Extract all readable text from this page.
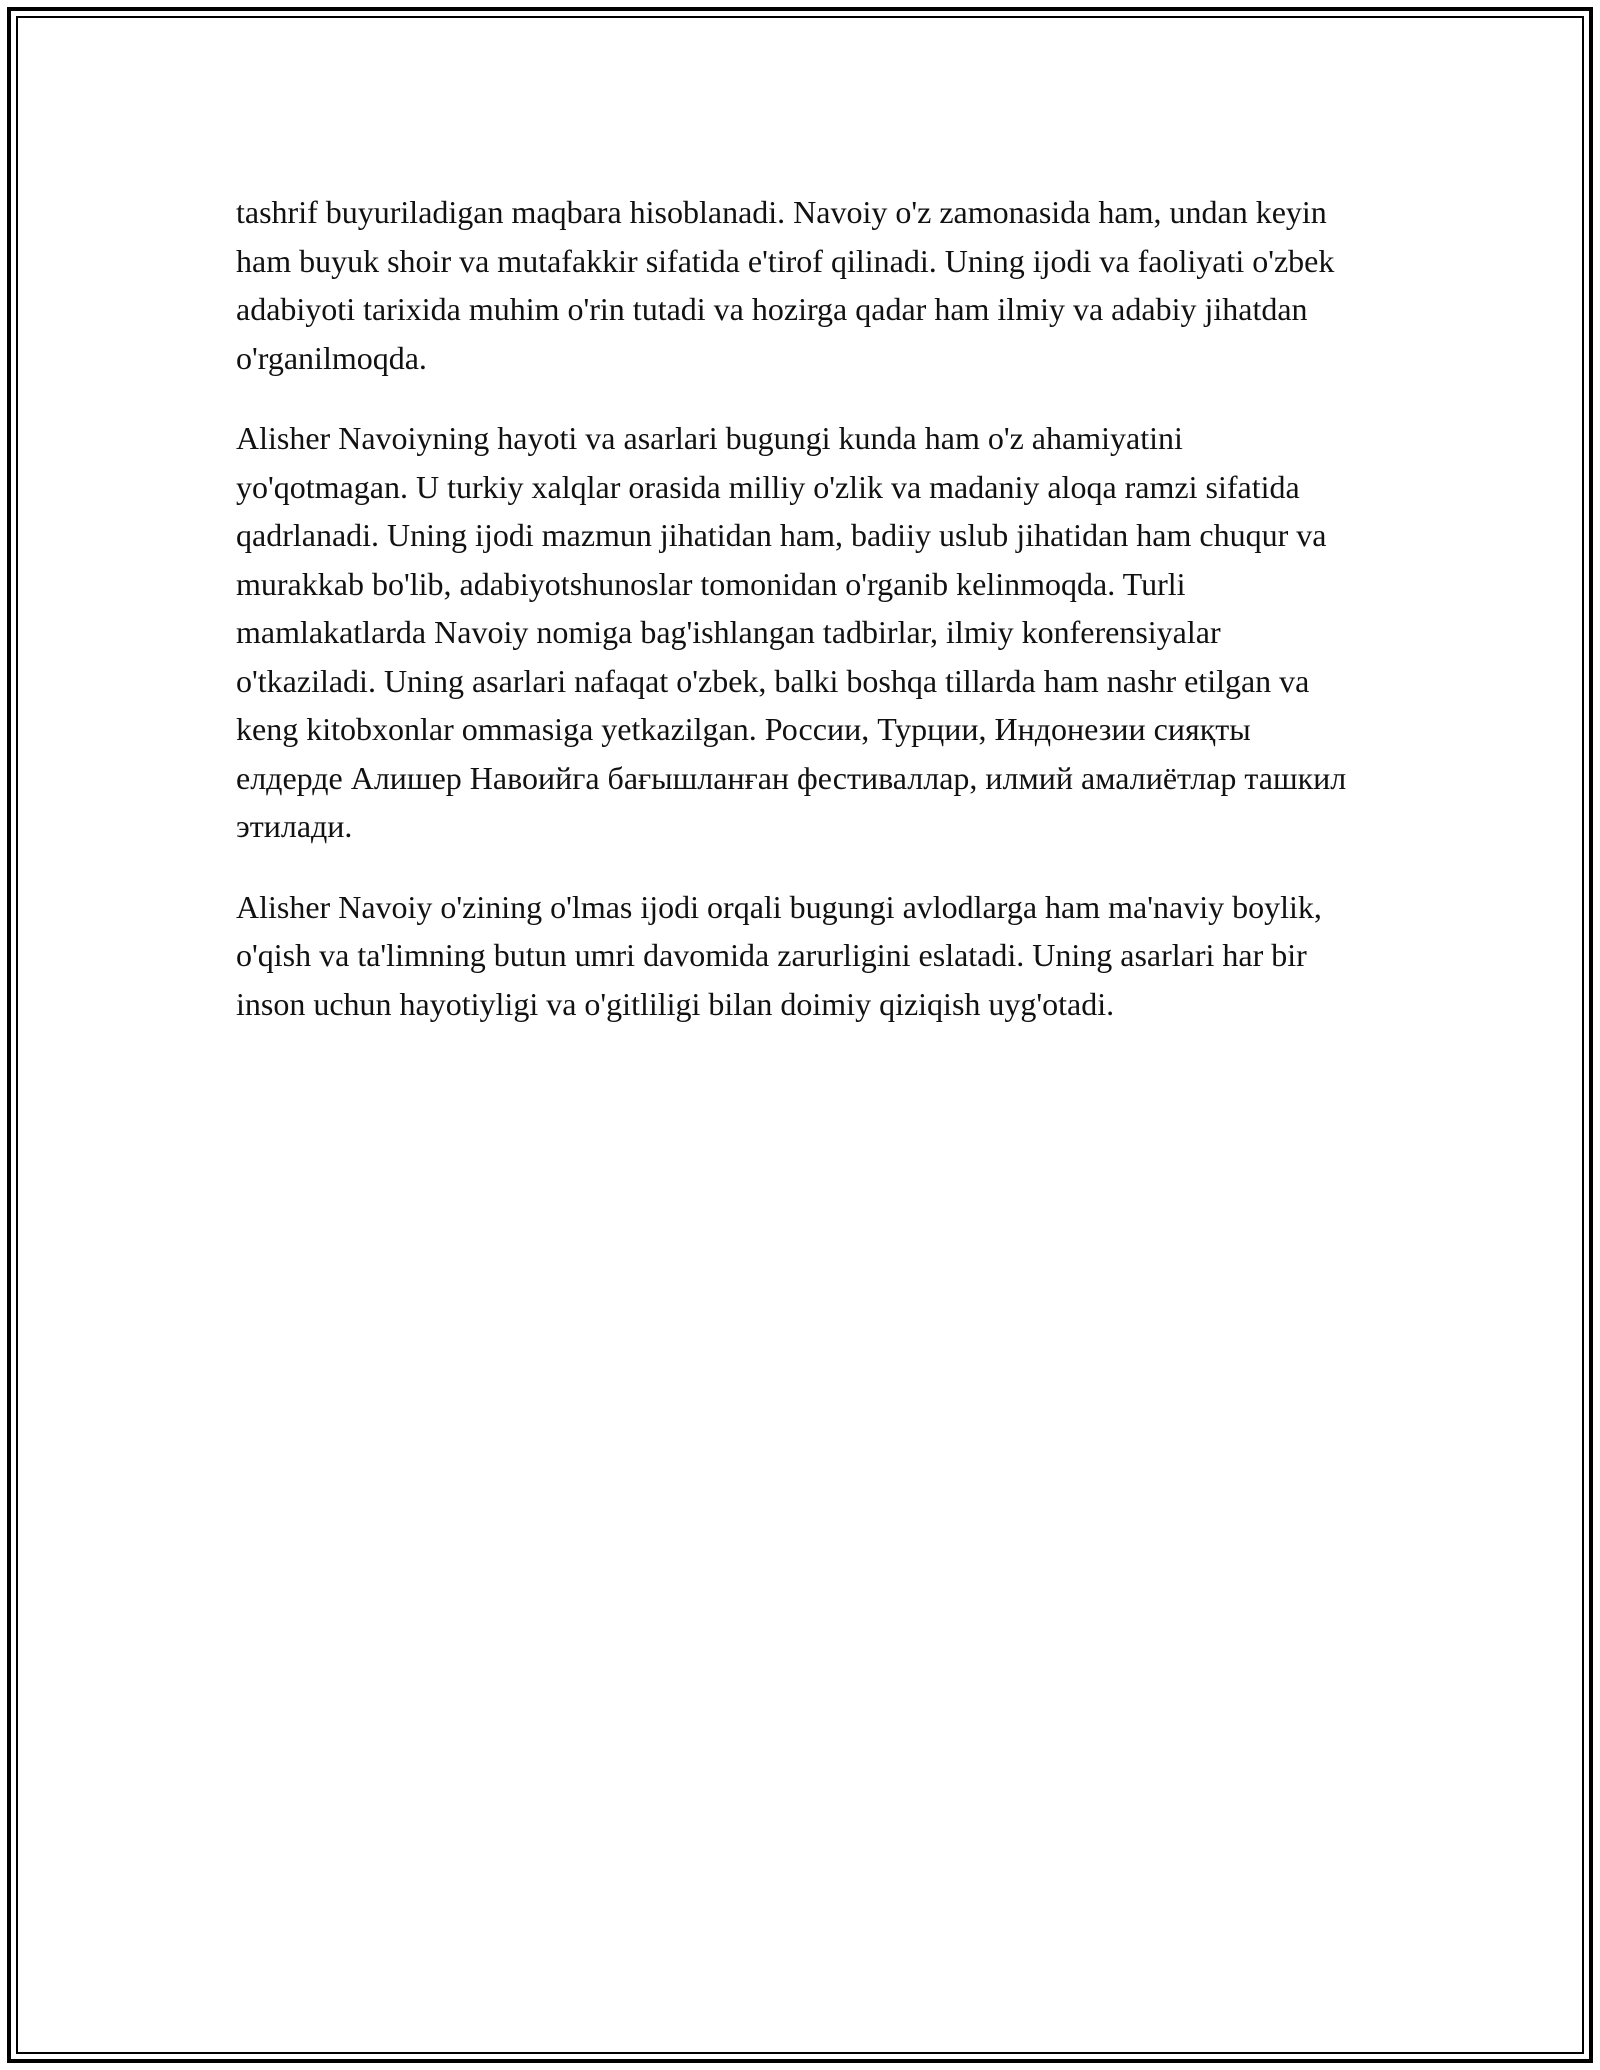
tashrif buyuriladigan maqbara hisoblanadi. Navoiy o'z zamonasida ham, undan keyin ham buyuk shoir va mutafakkir sifatida e'tirof qilinadi. Uning ijodi va faoliyati o'zbek adabiyoti tarixida muhim o'rin tutadi va hozirga qadar ham ilmiy va adabiy jihatdan o'rganilmoqda.

Alisher Navoiyning hayoti va asarlari bugungi kunda ham o'z ahamiyatini yo'qotmagan. U turkiy xalqlar orasida milliy o'zlik va madaniy aloqa ramzi sifatida qadrlanadi. Uning ijodi mazmun jihatidan ham, badiiy uslub jihatidan ham chuqur va murakkab bo'lib, adabiyotshunoslar tomonidan o'rganib kelinmoqda. Turli mamlakatlarda Navoiy nomiga bag'ishlangan tadbirlar, ilmiy konferensiyalar o'tkaziladi. Uning asarlari nafaqat o'zbek, balki boshqa tillarda ham nashr etilgan va keng kitobxonlar ommasiga yetkazilgan. России, Турции, Индонезии сияқты елдерде Алишер Навоийга бағышланған фестиваллар, илмий амалиётлар ташкил этилади.

Alisher Navoiy o'zining o'lmas ijodi orqali bugungi avlodlarga ham ma'naviy boylik, o'qish va ta'limning butun umri davomida zarurligini eslatadi. Uning asarlari har bir inson uchun hayotiyligi va o'gitliligi bilan doimiy qiziqish uyg'otadi.
